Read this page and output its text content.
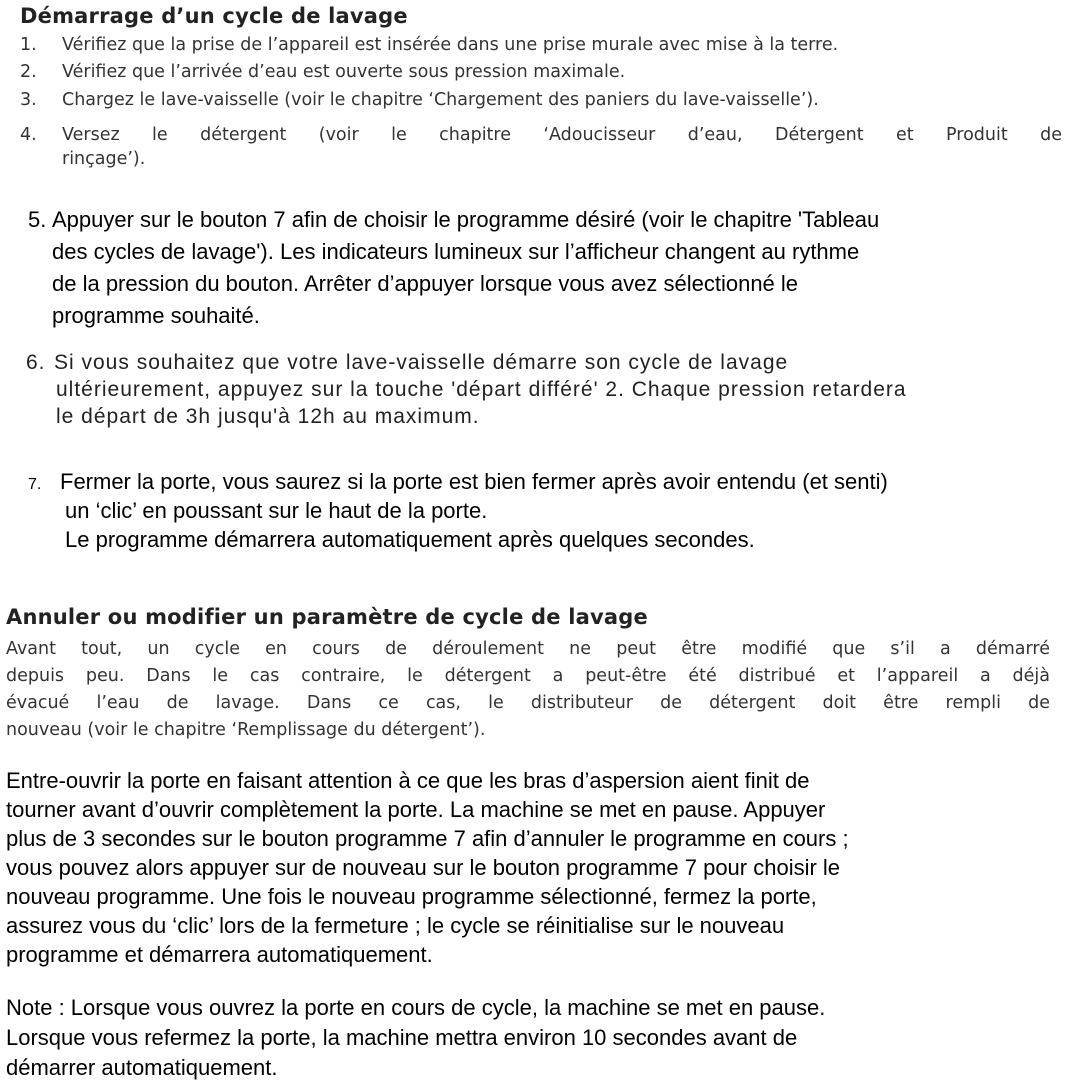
Démarrage d’un cycle de lavage
1. Vérifiez que la prise de l’appareil est insérée dans une prise murale avec mise à la terre.
2. Vérifiez que l’arrivée d’eau est ouverte sous pression maximale.
3. Chargez le lave-vaisselle (voir le chapitre ‘Chargement des paniers du lave-vaisselle’).
4.	Versez le détergent (voir le chapitre ‘Adoucisseur d’eau, Détergent et Produit de
rinçage’).
5. Appuyer sur le bouton 7 afin de choisir le programme désiré (voir le chapitre 'Tableau
des cycles de lavage'). Les indicateurs lumineux sur l’afficheur changent au rythme
de la pression du bouton. Arrêter d’appuyer lorsque vous avez sélectionné le
programme souhaité.
6. Si vous souhaitez que votre lave-vaisselle démarre son cycle de lavage
ultérieurement, appuyez sur la touche 'départ différé' 2. Chaque pression retardera
le départ de 3h jusqu'à 12h au maximum.
7. Fermer la porte, vous saurez si la porte est bien fermer après avoir entendu (et senti)
un ‘clic’ en poussant sur le haut de la porte.
Le programme démarrera automatiquement après quelques secondes.
Annuler ou modifier un paramètre de cycle de lavage
Avant tout, un cycle en cours de déroulement ne peut être modifié que s’il a démarré
depuis peu. Dans le cas contraire, le détergent a peut-être été distribué et l’appareil a déjà
évacué l’eau de lavage. Dans ce cas, le distributeur de détergent doit être rempli de
nouveau (voir le chapitre ‘Remplissage du détergent’).
Entre-ouvrir la porte en faisant attention à ce que les bras d’aspersion aient finit de
tourner avant d’ouvrir complètement la porte. La machine se met en pause. Appuyer
plus de 3 secondes sur le bouton programme 7 afin d’annuler le programme en cours ;
vous pouvez alors appuyer sur de nouveau sur le bouton programme 7 pour choisir le
nouveau programme. Une fois le nouveau programme sélectionné, fermez la porte,
assurez vous du ‘clic’ lors de la fermeture ; le cycle se réinitialise sur le nouveau
programme et démarrera automatiquement.
Note : Lorsque vous ouvrez la porte en cours de cycle, la machine se met en pause.
Lorsque vous refermez la porte, la machine mettra environ 10 secondes avant de
démarrer automatiquement.
